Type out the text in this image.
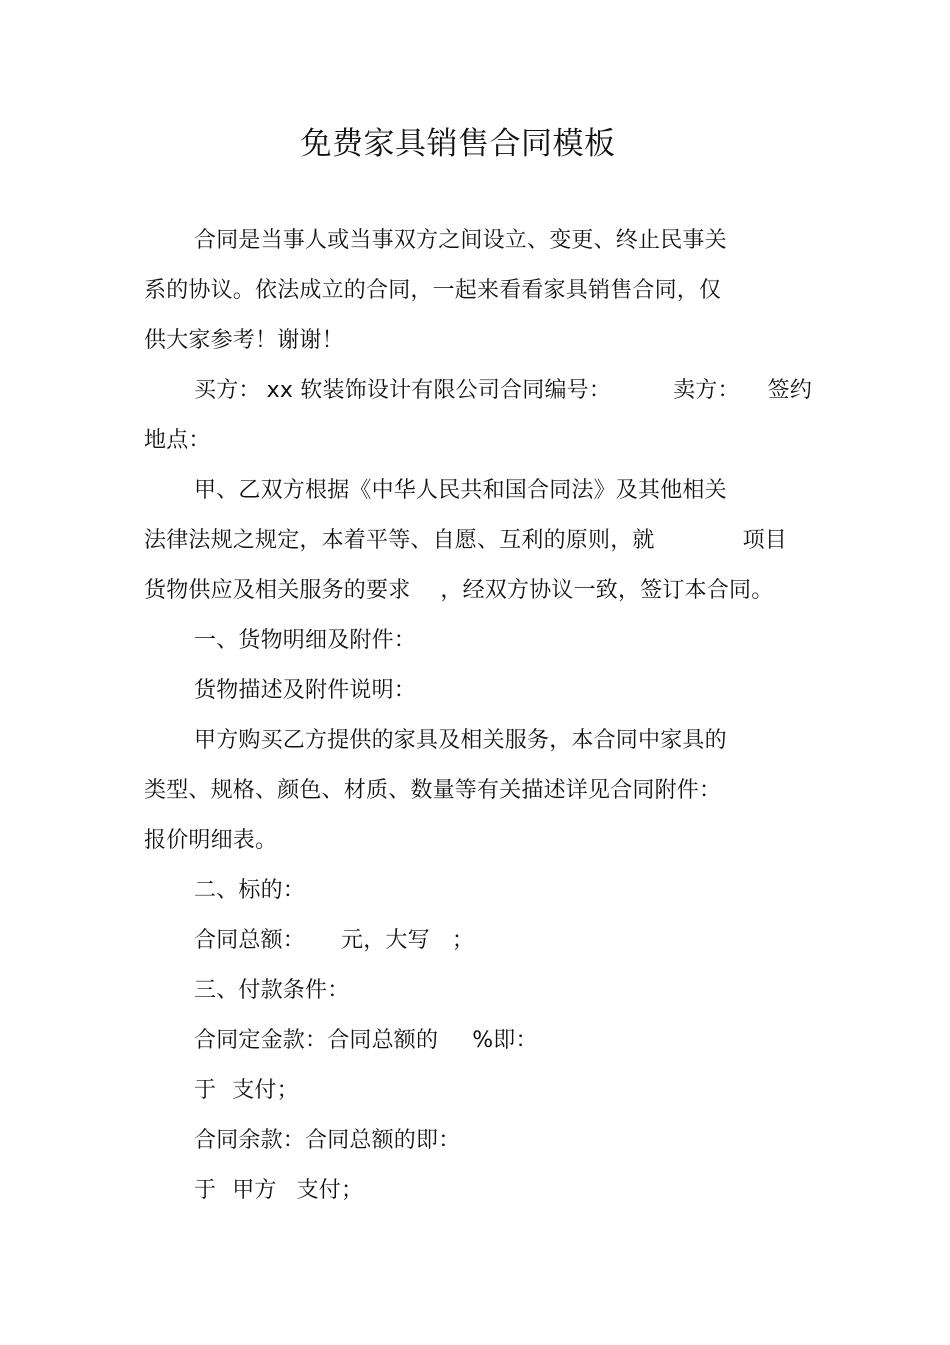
免费家具销售合同模板
合同是当事人或当事双方之间设立、变更、终止民事关
系的协议。依法成立的合同，一起来看看家具销售合同，仅
供大家参考！谢谢！
买方： xx 软装饰设计有限公司合同编号：	卖方： 签约
地点：
甲、乙双方根据《中华人民共和国合同法》及其他相关
法律法规之规定，本着平等、自愿、互利的原则，就	项目
货物供应及相关服务的要求 ，经双方协议一致，签订本合同。
一、货物明细及附件：
货物描述及附件说明：
甲方购买乙方提供的家具及相关服务，本合同中家具的
类型、规格、颜色、材质、数量等有关描述详见合同附件：
报价明细表。
二、标的：
合同总额： 元，大写 ；
三、付款条件：
合同定金款：合同总额的 %即：
于 支付；
合同余款：合同总额的即：
于 甲方 支付；
